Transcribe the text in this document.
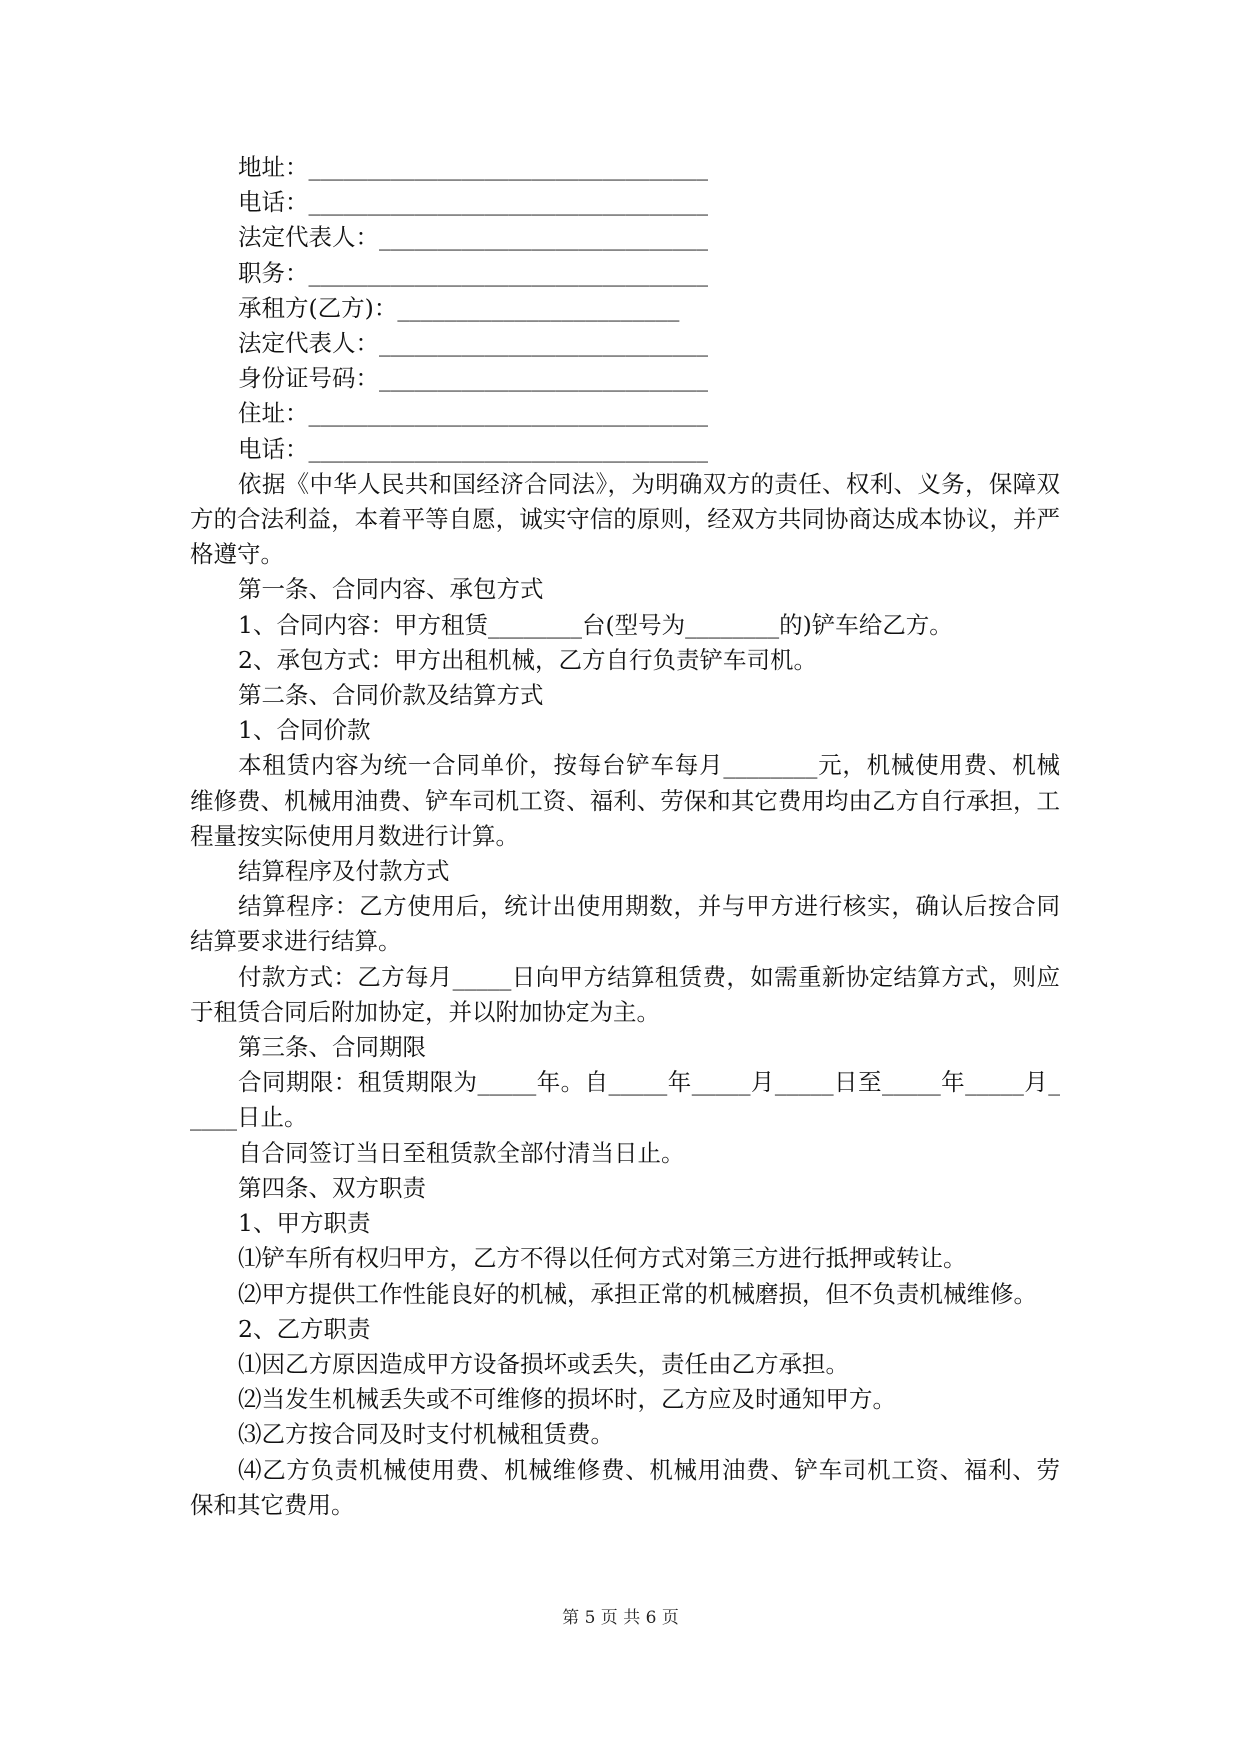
地址：__________________________________

电话：__________________________________

法定代表人：____________________________

职务：__________________________________

承租方(乙方)：________________________

法定代表人：____________________________

身份证号码：____________________________

住址：__________________________________

电话：__________________________________

依据《中华人民共和国经济合同法》，为明确双方的责任、权利、义务，保障双方的合法利益，本着平等自愿，诚实守信的原则，经双方共同协商达成本协议，并严格遵守。

第一条、合同内容、承包方式

1、合同内容：甲方租赁________台(型号为________的)铲车给乙方。

2、承包方式：甲方出租机械，乙方自行负责铲车司机。

第二条、合同价款及结算方式

1、合同价款

本租赁内容为统一合同单价，按每台铲车每月________元，机械使用费、机械维修费、机械用油费、铲车司机工资、福利、劳保和其它费用均由乙方自行承担，工程量按实际使用月数进行计算。

结算程序及付款方式

结算程序：乙方使用后，统计出使用期数，并与甲方进行核实，确认后按合同结算要求进行结算。

付款方式：乙方每月_____日向甲方结算租赁费，如需重新协定结算方式，则应于租赁合同后附加协定，并以附加协定为主。

第三条、合同期限

合同期限：租赁期限为_____年。自_____年_____月_____日至_____年_____月_____日止。

自合同签订当日至租赁款全部付清当日止。

第四条、双方职责

1、甲方职责

⑴铲车所有权归甲方，乙方不得以任何方式对第三方进行抵押或转让。

⑵甲方提供工作性能良好的机械，承担正常的机械磨损，但不负责机械维修。

2、乙方职责

⑴因乙方原因造成甲方设备损坏或丢失，责任由乙方承担。

⑵当发生机械丢失或不可维修的损坏时，乙方应及时通知甲方。

⑶乙方按合同及时支付机械租赁费。

⑷乙方负责机械使用费、机械维修费、机械用油费、铲车司机工资、福利、劳保和其它费用。

第 5 页 共 6 页
